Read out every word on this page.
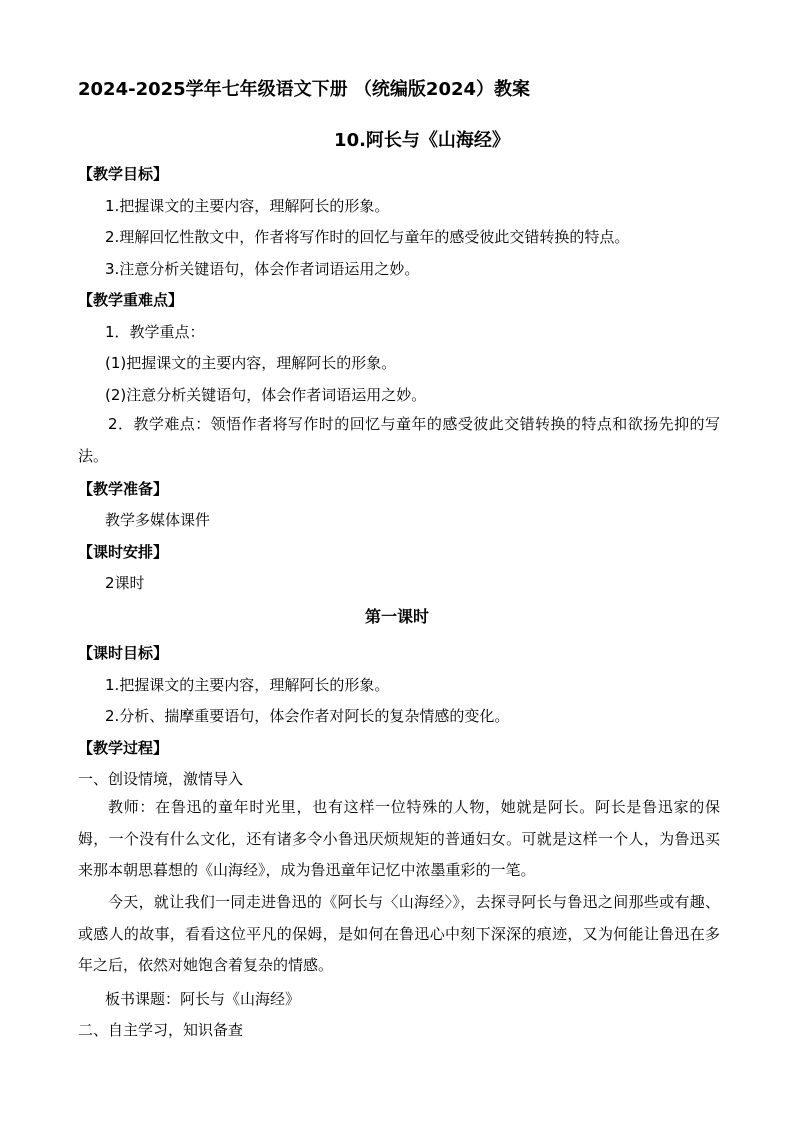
2024-2025学年七年级语文下册 （统编版2024）教案
10.阿长与《山海经》
【教学目标】
1.把握课文的主要内容，理解阿长的形象。
2.理解回忆性散文中，作者将写作时的回忆与童年的感受彼此交错转换的特点。
3.注意分析关键语句，体会作者词语运用之妙。
【教学重难点】
1．教学重点：
(1)把握课文的主要内容，理解阿长的形象。
(2)注意分析关键语句，体会作者词语运用之妙。
2．教学难点：领悟作者将写作时的回忆与童年的感受彼此交错转换的特点和欲扬先抑的写法。
【教学准备】
教学多媒体课件
【课时安排】
2课时
第一课时
【课时目标】
1.把握课文的主要内容，理解阿长的形象。
2.分析、揣摩重要语句，体会作者对阿长的复杂情感的变化。
【教学过程】
一、创设情境，激情导入
教师：在鲁迅的童年时光里，也有这样一位特殊的人物，她就是阿长。阿长是鲁迅家的保姆，一个没有什么文化，还有诸多令小鲁迅厌烦规矩的普通妇女。可就是这样一个人，为鲁迅买来那本朝思暮想的《山海经》，成为鲁迅童年记忆中浓墨重彩的一笔。
今天，就让我们一同走进鲁迅的《阿长与〈山海经〉》，去探寻阿长与鲁迅之间那些或有趣、或感人的故事，看看这位平凡的保姆，是如何在鲁迅心中刻下深深的痕迹，又为何能让鲁迅在多年之后，依然对她饱含着复杂的情感。
板书课题：阿长与《山海经》
二、自主学习，知识备查
